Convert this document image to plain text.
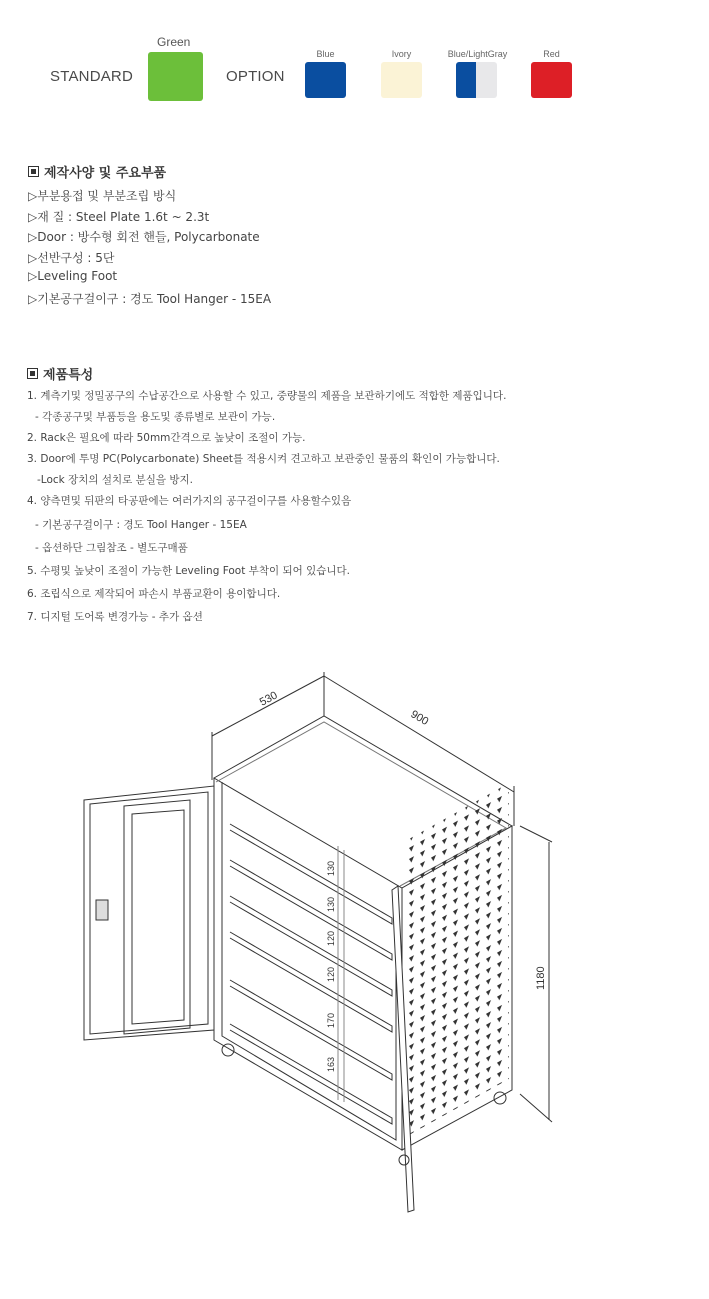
STANDARD
Green
OPTION
Blue	Ivory	Blue/LightGray	Red
제작사양 및 주요부품
▷부분용접 및 부분조립 방식
▷재 질 : Steel Plate 1.6t ~ 2.3t
▷Door : 방수형 회전 핸들, Polycarbonate
▷선반구성 : 5단
▷Leveling Foot
▷기본공구걸이구 : 경도 Tool Hanger - 15EA
제품특성
1. 계측기및 정밀공구의 수납공간으로 사용할 수 있고, 중량물의 제품을 보관하기에도 적합한 제품입니다.
- 각종공구및 부품등을 용도및 종류별로 보관이 가능.
2. Rack은 필요에 따라 50mm간격으로 높낮이 조절이 가능.
3. Door에 투명 PC(Polycarbonate) Sheet를 적용시켜 견고하고 보관중인 물품의 확인이 가능합니다.
-Lock 장치의 설치로 분실을 방지.
4. 양측면및 뒤판의 타공판에는 여러가지의 공구걸이구를 사용할수있음
- 기본공구걸이구 : 경도 Tool Hanger - 15EA
- 옵션하단 그림참조 - 별도구매품
5. 수평및 높낮이 조절이 가능한 Leveling Foot 부착이 되어 있습니다.
6. 조립식으로 제작되어 파손시 부품교환이 용이합니다.
7. 디지털 도어록 변경가능 - 추가 옵션
530
900
1180
130
130
120
120
170
163
